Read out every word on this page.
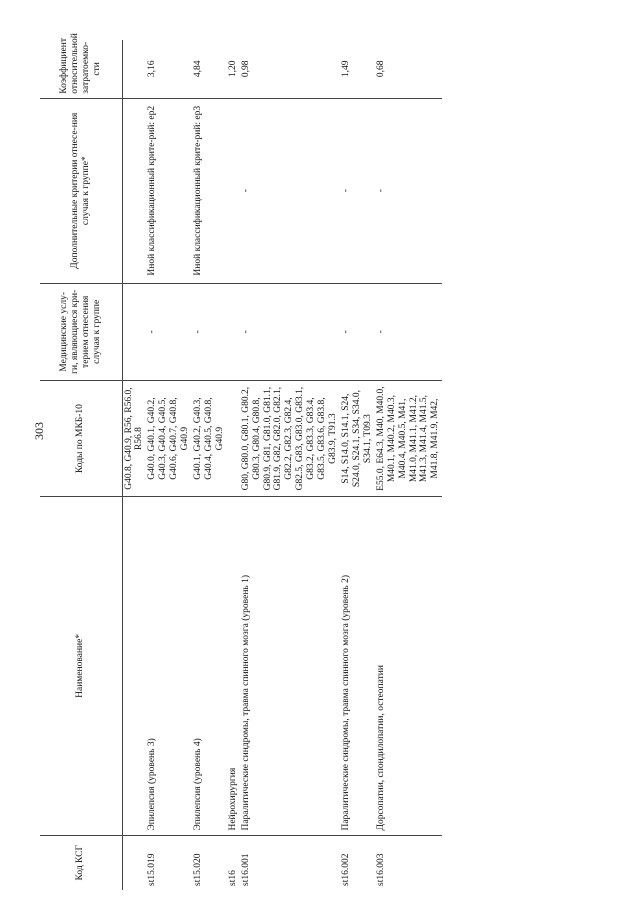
303
Код КСГ	Наименование*	Коды по МКБ-10	Медицинские услу-ги, являющиеся кри-терием отнесения случая к группе	Дополнительные критерии отнесе-ния случая к группе*	Коэффициент относительной затратоемко-сти
		G40.8, G40.9, R56, R56.0, R56.8			
st15.019	Эпилепсия (уровень 3)	G40.0, G40.1, G40.2, G40.3, G40.4, G40.5, G40.6, G40.7, G40.8, G40.9	-	Иной классификационный крите-рий: ep2	3,16
st15.020	Эпилепсия (уровень 4)	G40.1, G40.2, G40.3, G40.4, G40.5, G40.8, G40.9	-	Иной классификационный крите-рий: ep3	4,84
st16	Нейрохирургия				1,20
st16.001	Паралитические синдромы, травма спинного мозга (уровень 1)	G80, G80.0, G80.1, G80.2, G80.3, G80.4, G80.8, G80.9, G81, G81.0, G81.1, G81.9, G82, G82.0, G82.1, G82.2, G82.3, G82.4, G82.5, G83, G83.0, G83.1, G83.2, G83.3, G83.4, G83.5, G83.6, G83.8, G83.9, T91.3	-	-	0,98
st16.002	Паралитические синдромы, травма спинного мозга (уровень 2)	S14, S14.0, S14.1, S24, S24.0, S24.1, S34, S34.0, S34.1, T09.3	-	-	1,49
st16.003	Дорсопатии, спондилопатии, остеопатии	E55.0, E64.3, M40, M40.0, M40.1, M40.2, M40.3, M40.4, M40.5, M41, M41.0, M41.1, M41.2, M41.3, M41.4, M41.5, M41.8, M41.9, M42,	-	-	0,68
